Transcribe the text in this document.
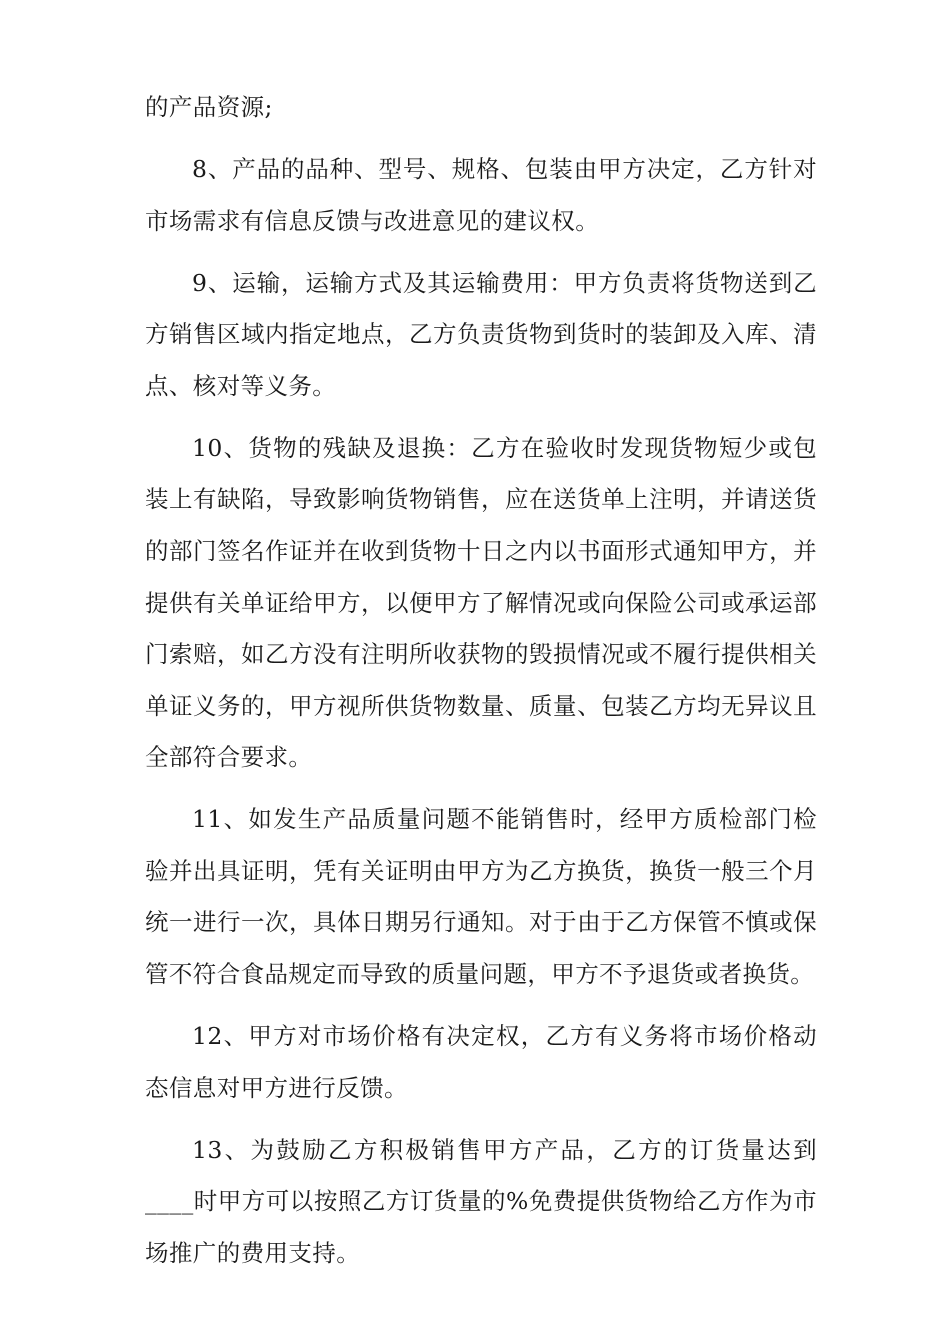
的产品资源;

8、产品的品种、型号、规格、包装由甲方决定，乙方针对市场需求有信息反馈与改进意见的建议权。

9、运输，运输方式及其运输费用：甲方负责将货物送到乙方销售区域内指定地点，乙方负责货物到货时的装卸及入库、清点、核对等义务。

10、货物的残缺及退换：乙方在验收时发现货物短少或包装上有缺陷，导致影响货物销售，应在送货单上注明，并请送货的部门签名作证并在收到货物十日之内以书面形式通知甲方，并提供有关单证给甲方，以便甲方了解情况或向保险公司或承运部门索赔，如乙方没有注明所收获物的毁损情况或不履行提供相关单证义务的，甲方视所供货物数量、质量、包装乙方均无异议且全部符合要求。

11、如发生产品质量问题不能销售时，经甲方质检部门检验并出具证明，凭有关证明由甲方为乙方换货，换货一般三个月统一进行一次，具体日期另行通知。对于由于乙方保管不慎或保管不符合食品规定而导致的质量问题，甲方不予退货或者换货。

12、甲方对市场价格有决定权，乙方有义务将市场价格动态信息对甲方进行反馈。

13、为鼓励乙方积极销售甲方产品，乙方的订货量达到____时甲方可以按照乙方订货量的%免费提供货物给乙方作为市场推广的费用支持。
